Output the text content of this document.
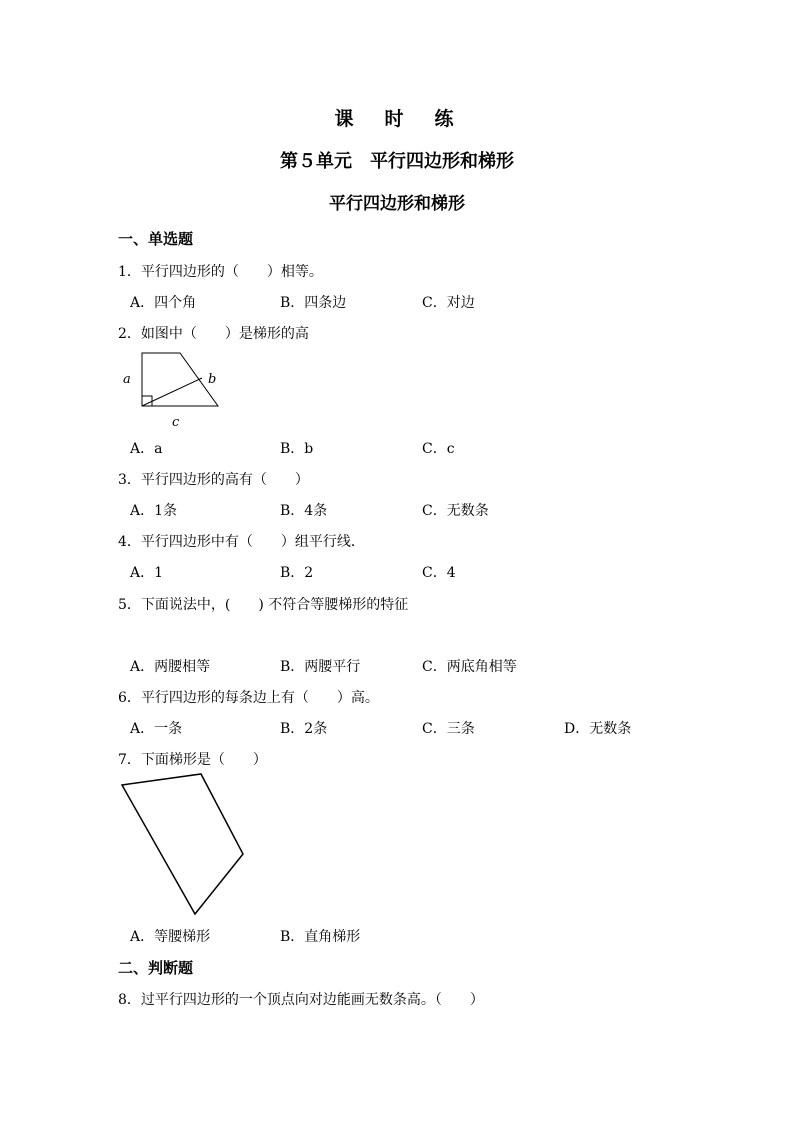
课　时　练
第５单元　平行四边形和梯形
平行四边形和梯形
一、单选题
1．平行四边形的（　　）相等。
A．四个角	B．四条边	C．对边
2．如图中（　　）是梯形的高
a	b
c
A．a	B．b	C．c
3．平行四边形的高有（　　）
A．1条	B．4条	C．无数条
4．平行四边形中有（　　）组平行线．
A．1	B．2	C．4
5．下面说法中，(　　) 不符合等腰梯形的特征
A．两腰相等	B．两腰平行	C．两底角相等
6．平行四边形的每条边上有（　　）高。
A．一条	B．2条	C．三条	D．无数条
7．下面梯形是（　　）
A．等腰梯形	B．直角梯形
二、判断题
8．过平行四边形的一个顶点向对边能画无数条高。（　　）
